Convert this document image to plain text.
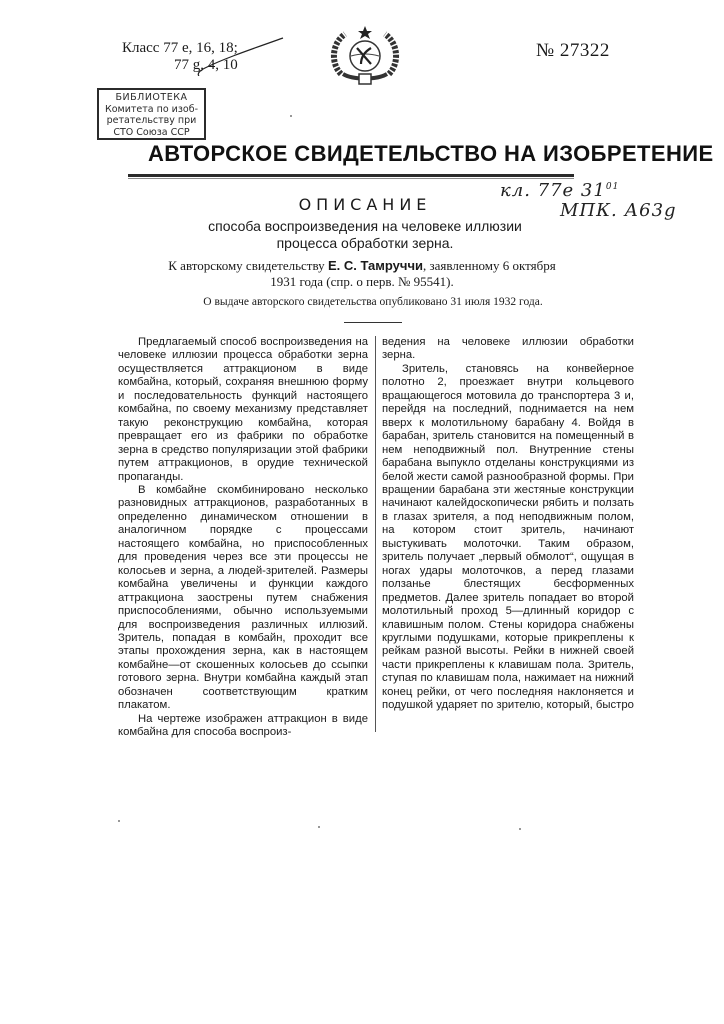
Класс 77 е, 16, 18;
77 g, 4, 10
№ 27322
БИБЛИОТЕКА
Комитета по изоб-
ретательству при
СТО Союза ССР
АВТОРСКОЕ СВИДЕТЕЛЬСТВО НА ИЗОБРЕТЕНИЕ
кл. 77е $31^{01}$
МПК. А63g
ОПИСАНИЕ
способа воспроизведения на человеке иллюзии
процесса обработки зерна.
К авторскому свидетельству Е. С. Тамруччи, заявленному 6 октября
1931 года (спр. о перв. № 95541).
О выдаче авторского свидетельства опубликовано 31 июля 1932 года.

Предлагаемый способ воспроизведения на человеке иллюзии процесса обработки зерна осуществляется аттракционом в виде комбайна, который, сохраняя внешнюю форму и последовательность функций настоящего комбайна, по своему механизму представляет такую реконструкцию комбайна, которая превращает его из фабрики по обработке зерна в средство популяризации этой фабрики путем аттракционов, в орудие технической пропаганды.

В комбайне скомбинировано несколько разновидных аттракционов, разработанных в определенно динамическом отношении в аналогичном порядке с процессами настоящего комбайна, но приспособленных для проведения через все эти процессы не колосьев и зерна, а людей-зрителей. Размеры комбайна увеличены и функции каждого аттракциона заострены путем снабжения приспособлениями, обычно используемыми для воспроизведения различных иллюзий. Зритель, попадая в комбайн, проходит все этапы прохождения зерна, как в настоящем комбайне—от скошенных колосьев до ссыпки готового зерна. Внутри комбайна каждый этап обозначен соответствующим кратким плакатом.

На чертеже изображен аттракцион в виде комбайна для способа воспроиз-

ведения на человеке иллюзии обработки зерна.

Зритель, становясь на конвейерное полотно 2, проезжает внутри кольцевого вращающегося мотовила до транспортера 3 и, перейдя на последний, поднимается на нем вверх к молотильному барабану 4. Войдя в барабан, зритель становится на помещенный в нем неподвижный пол. Внутренние стены барабана выпукло отделаны конструкциями из белой жести самой разнообразной формы. При вращении барабана эти жестяные конструкции начинают калейдоскопически рябить и ползать в глазах зрителя, а под неподвижным полом, на котором стоит зритель, начинают выстукивать молоточки. Таким образом, зритель получает „первый обмолот“, ощущая в ногах удары молоточков, а перед глазами ползанье блестящих бесформенных предметов. Далее зритель попадает во второй молотильный проход 5—длинный коридор с клавишным полом. Стены коридора снабжены круглыми подушками, которые прикреплены к рейкам разной высоты. Рейки в нижней своей части прикреплены к клавишам пола. Зритель, ступая по клавишам пола, нажимает на нижний конец рейки, от чего последняя наклоняется и подушкой ударяет по зрителю, который, быстро
